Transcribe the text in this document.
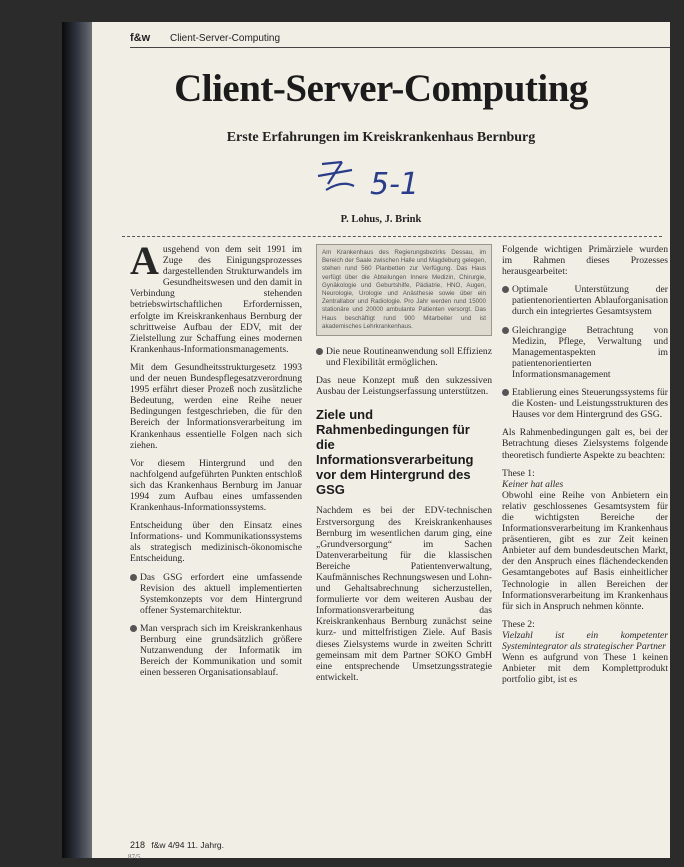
f&w Client-Server-Computing
Client-Server-Computing
Erste Erfahrungen im Kreiskrankenhaus Bernburg
5-1
P. Lohus, J. Brink

Ausgehend von dem seit 1991 im Zuge des Einigungsprozesses dargestellenden Strukturwandels im Gesundheitswesen und den damit in Verbindung stehenden betriebswirtschaftlichen Erfordernissen, erfolgte im Kreiskrankenhaus Bernburg der schrittweise Aufbau der EDV, mit der Zielstellung zur Schaffung eines modernen Krankenhaus-Informationsmanagements.

Mit dem Gesundheitsstrukturgesetz 1993 und der neuen Bundespflegesatzverordnung 1995 erfährt dieser Prozeß noch zusätzliche Bedeutung, werden eine Reihe neuer Bedingungen festgeschrieben, die für den Bereich der Informationsverarbeitung im Krankenhaus essentielle Folgen nach sich ziehen.

Vor diesem Hintergrund und den nachfolgend aufgeführten Punkten entschloß sich das Krankenhaus Bernburg im Januar 1994 zum Aufbau eines umfassenden Krankenhaus-Informationssystems.

Entscheidung über den Einsatz eines Informations- und Kommunikationssystems als strategisch medizinisch-ökonomische Entscheidung.

Das GSG erfordert eine umfassende Revision des aktuell implementierten Systemkonzepts vor dem Hintergrund offener Systemarchitektur.

Man versprach sich im Kreiskrankenhaus Bernburg eine grundsätzlich größere Nutzanwendung der Informatik im Bereich der Kommunikation und somit einen besseren Organisationsablauf.

Am Krankenhaus des Regierungsbezirks Dessau, im Bereich der Saale zwischen Halle und Magdeburg gelegen, stehen rund 560 Planbetten zur Verfügung. Das Haus verfügt über die Abteilungen Innere Medizin, Chirurgie, Gynäkologie und Geburtshilfe, Pädiatrie, HNO, Augen, Neurologie, Urologie und Anästhesie sowie über ein Zentrallabor und Radiologie. Pro Jahr werden rund 15000 stationäre und 20000 ambulante Patienten versorgt. Das Haus beschäftigt rund 900 Mitarbeiter und ist akademisches Lehrkrankenhaus.

Die neue Routineanwendung soll Effizienz und Flexibilität ermöglichen.

Das neue Konzept muß den sukzessiven Ausbau der Leistungserfassung unterstützen.

Ziele und Rahmenbedingungen für die Informationsverarbeitung vor dem Hintergrund des GSG

Nachdem es bei der EDV-technischen Erstversorgung des Kreiskrankenhauses Bernburg im wesentlichen darum ging, eine „Grundversorgung“ im Sachen Datenverarbeitung für die klassischen Bereiche Patientenverwaltung, Kaufmännisches Rechnungswesen und Lohn- und Gehaltsabrechnung sicherzustellen, formulierte vor dem weiteren Ausbau der Informationsverarbeitung das Kreiskrankenhaus Bernburg zunächst seine kurz- und mittelfristigen Ziele. Auf Basis dieses Zielsystems wurde in zweiten Schritt gemeinsam mit dem Partner SOKO GmbH eine entsprechende Umsetzungsstrategie entwickelt.

Folgende wichtigen Primärziele wurden im Rahmen dieses Prozesses herausgearbeitet:

Optimale Unterstützung der patientenorientierten Ablauforganisation durch ein integriertes Gesamtsystem

Gleichrangige Betrachtung von Medizin, Pflege, Verwaltung und Managementaspekten im patientenorientierten Informationsmanagement

Etablierung eines Steuerungssystems für die Kosten- und Leistungsstrukturen des Hauses vor dem Hintergrund des GSG.

Als Rahmenbedingungen galt es, bei der Betrachtung dieses Zielsystems folgende theoretisch fundierte Aspekte zu beachten:

These 1:

Keiner hat alles

Obwohl eine Reihe von Anbietern ein relativ geschlossenes Gesamtsystem für die wichtigsten Bereiche der Informationsverarbeitung im Krankenhaus präsentieren, gibt es zur Zeit keinen Anbieter auf dem bundesdeutschen Markt, der den Anspruch eines flächendeckenden Gesamtangebotes auf Basis einheitlicher Technologie in allen Bereichen der Informationsverarbeitung im Krankenhaus für sich in Anspruch nehmen könnte.

These 2:

Vielzahl ist ein kompetenter Systemintegrator als strategischer Partner

Wenn es aufgrund von These 1 keinen Anbieter mit dem Komplettprodukt portfolio gibt, ist es

218 f&w 4/94 11. Jahrg.
87/5
